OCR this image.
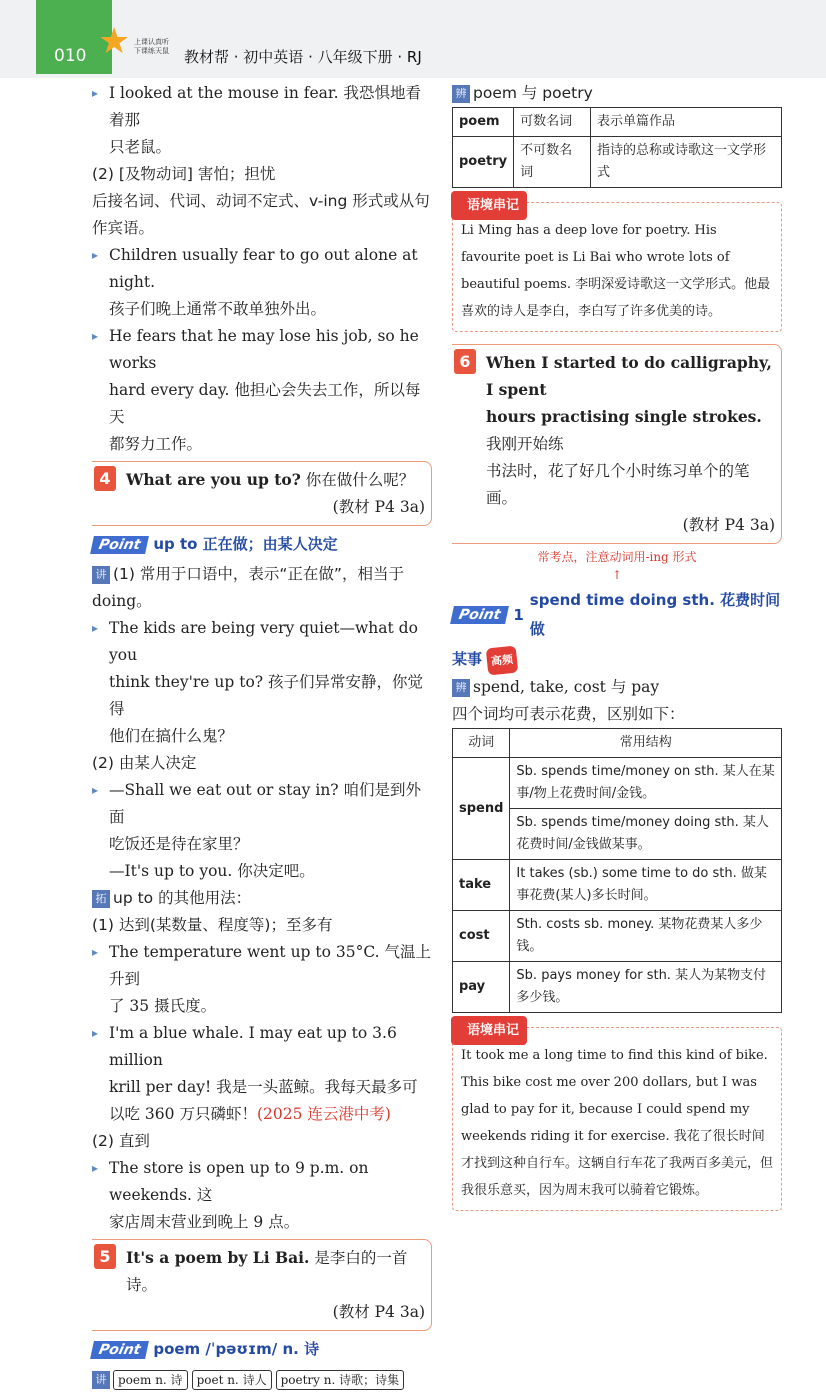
010 ★ 上课认真听
下课练天鼠 教材帮 · 初中英语 · 八年级下册 · RJ
▸ I looked at the mouse in fear. 我恐惧地看着那
只老鼠。
(2) [及物动词] 害怕；担忧
后接名词、代词、动词不定式、v-ing 形式或从句
作宾语。
▸ Children usually fear to go out alone at night.
孩子们晚上通常不敢单独外出。
▸ He fears that he may lose his job, so he works
hard every day. 他担心会失去工作，所以每天
都努力工作。
4 What are you up to? 你在做什么呢？
(教材 P4 3a)
Point up to 正在做；由某人决定
讲 (1) 常用于口语中，表示“正在做”，相当于
doing。
▸ The kids are being very quiet—what do you
think they're up to? 孩子们异常安静，你觉得
他们在搞什么鬼？
(2) 由某人决定
▸ —Shall we eat out or stay in? 咱们是到外面
吃饭还是待在家里？
—It's up to you. 你决定吧。
拓 up to 的其他用法：
(1) 达到(某数量、程度等)；至多有
▸ The temperature went up to 35°C. 气温上升到
了 35 摄氏度。
▸ I'm a blue whale. I may eat up to 3.6 million
krill per day! 我是一头蓝鲸。我每天最多可
以吃 360 万只磷虾！(2025 连云港中考)
(2) 直到
▸ The store is open up to 9 p.m. on weekends. 这
家店周末营业到晚上 9 点。
5 It's a poem by Li Bai. 是李白的一首诗。
(教材 P4 3a)
Point poem /ˈpəʊɪm/ n. 诗
讲 poem n. 诗 poet n. 诗人 poetry n. 诗歌；诗集
辨 poem 与 poetry
poem	可数名词	表示单篇作品
poetry	不可数名词	指诗的总称或诗歌这一文学形式
语境串记
Li Ming has a deep love for poetry. His favourite poet is Li Bai who wrote lots of beautiful poems. 李明深爱诗歌这一文学形式。他最喜欢的诗人是李白，李白写了许多优美的诗。
6 When I started to do calligraphy, I spent
hours practising single strokes. 我刚开始练
书法时，花了好几个小时练习单个的笔画。
(教材 P4 3a)
常考点，注意动词用-ing 形式
↑
Point 1
spend time doing sth. 花费时间做
某事 高频
辨 spend, take, cost 与 pay
四个词均可表示花费，区别如下：
动词	常用结构
spend	Sb. spends time/money on sth. 某人在某事/物上花费时间/金钱。
	Sb. spends time/money doing sth. 某人花费时间/金钱做某事。
take	It takes (sb.) some time to do sth. 做某事花费(某人)多长时间。
cost	Sth. costs sb. money. 某物花费某人多少钱。
pay	Sb. pays money for sth. 某人为某物支付多少钱。
语境串记
It took me a long time to find this kind of bike. This bike cost me over 200 dollars, but I was glad to pay for it, because I could spend my weekends riding it for exercise. 我花了很长时间才找到这种自行车。这辆自行车花了我两百多美元，但我很乐意买，因为周末我可以骑着它锻炼。
